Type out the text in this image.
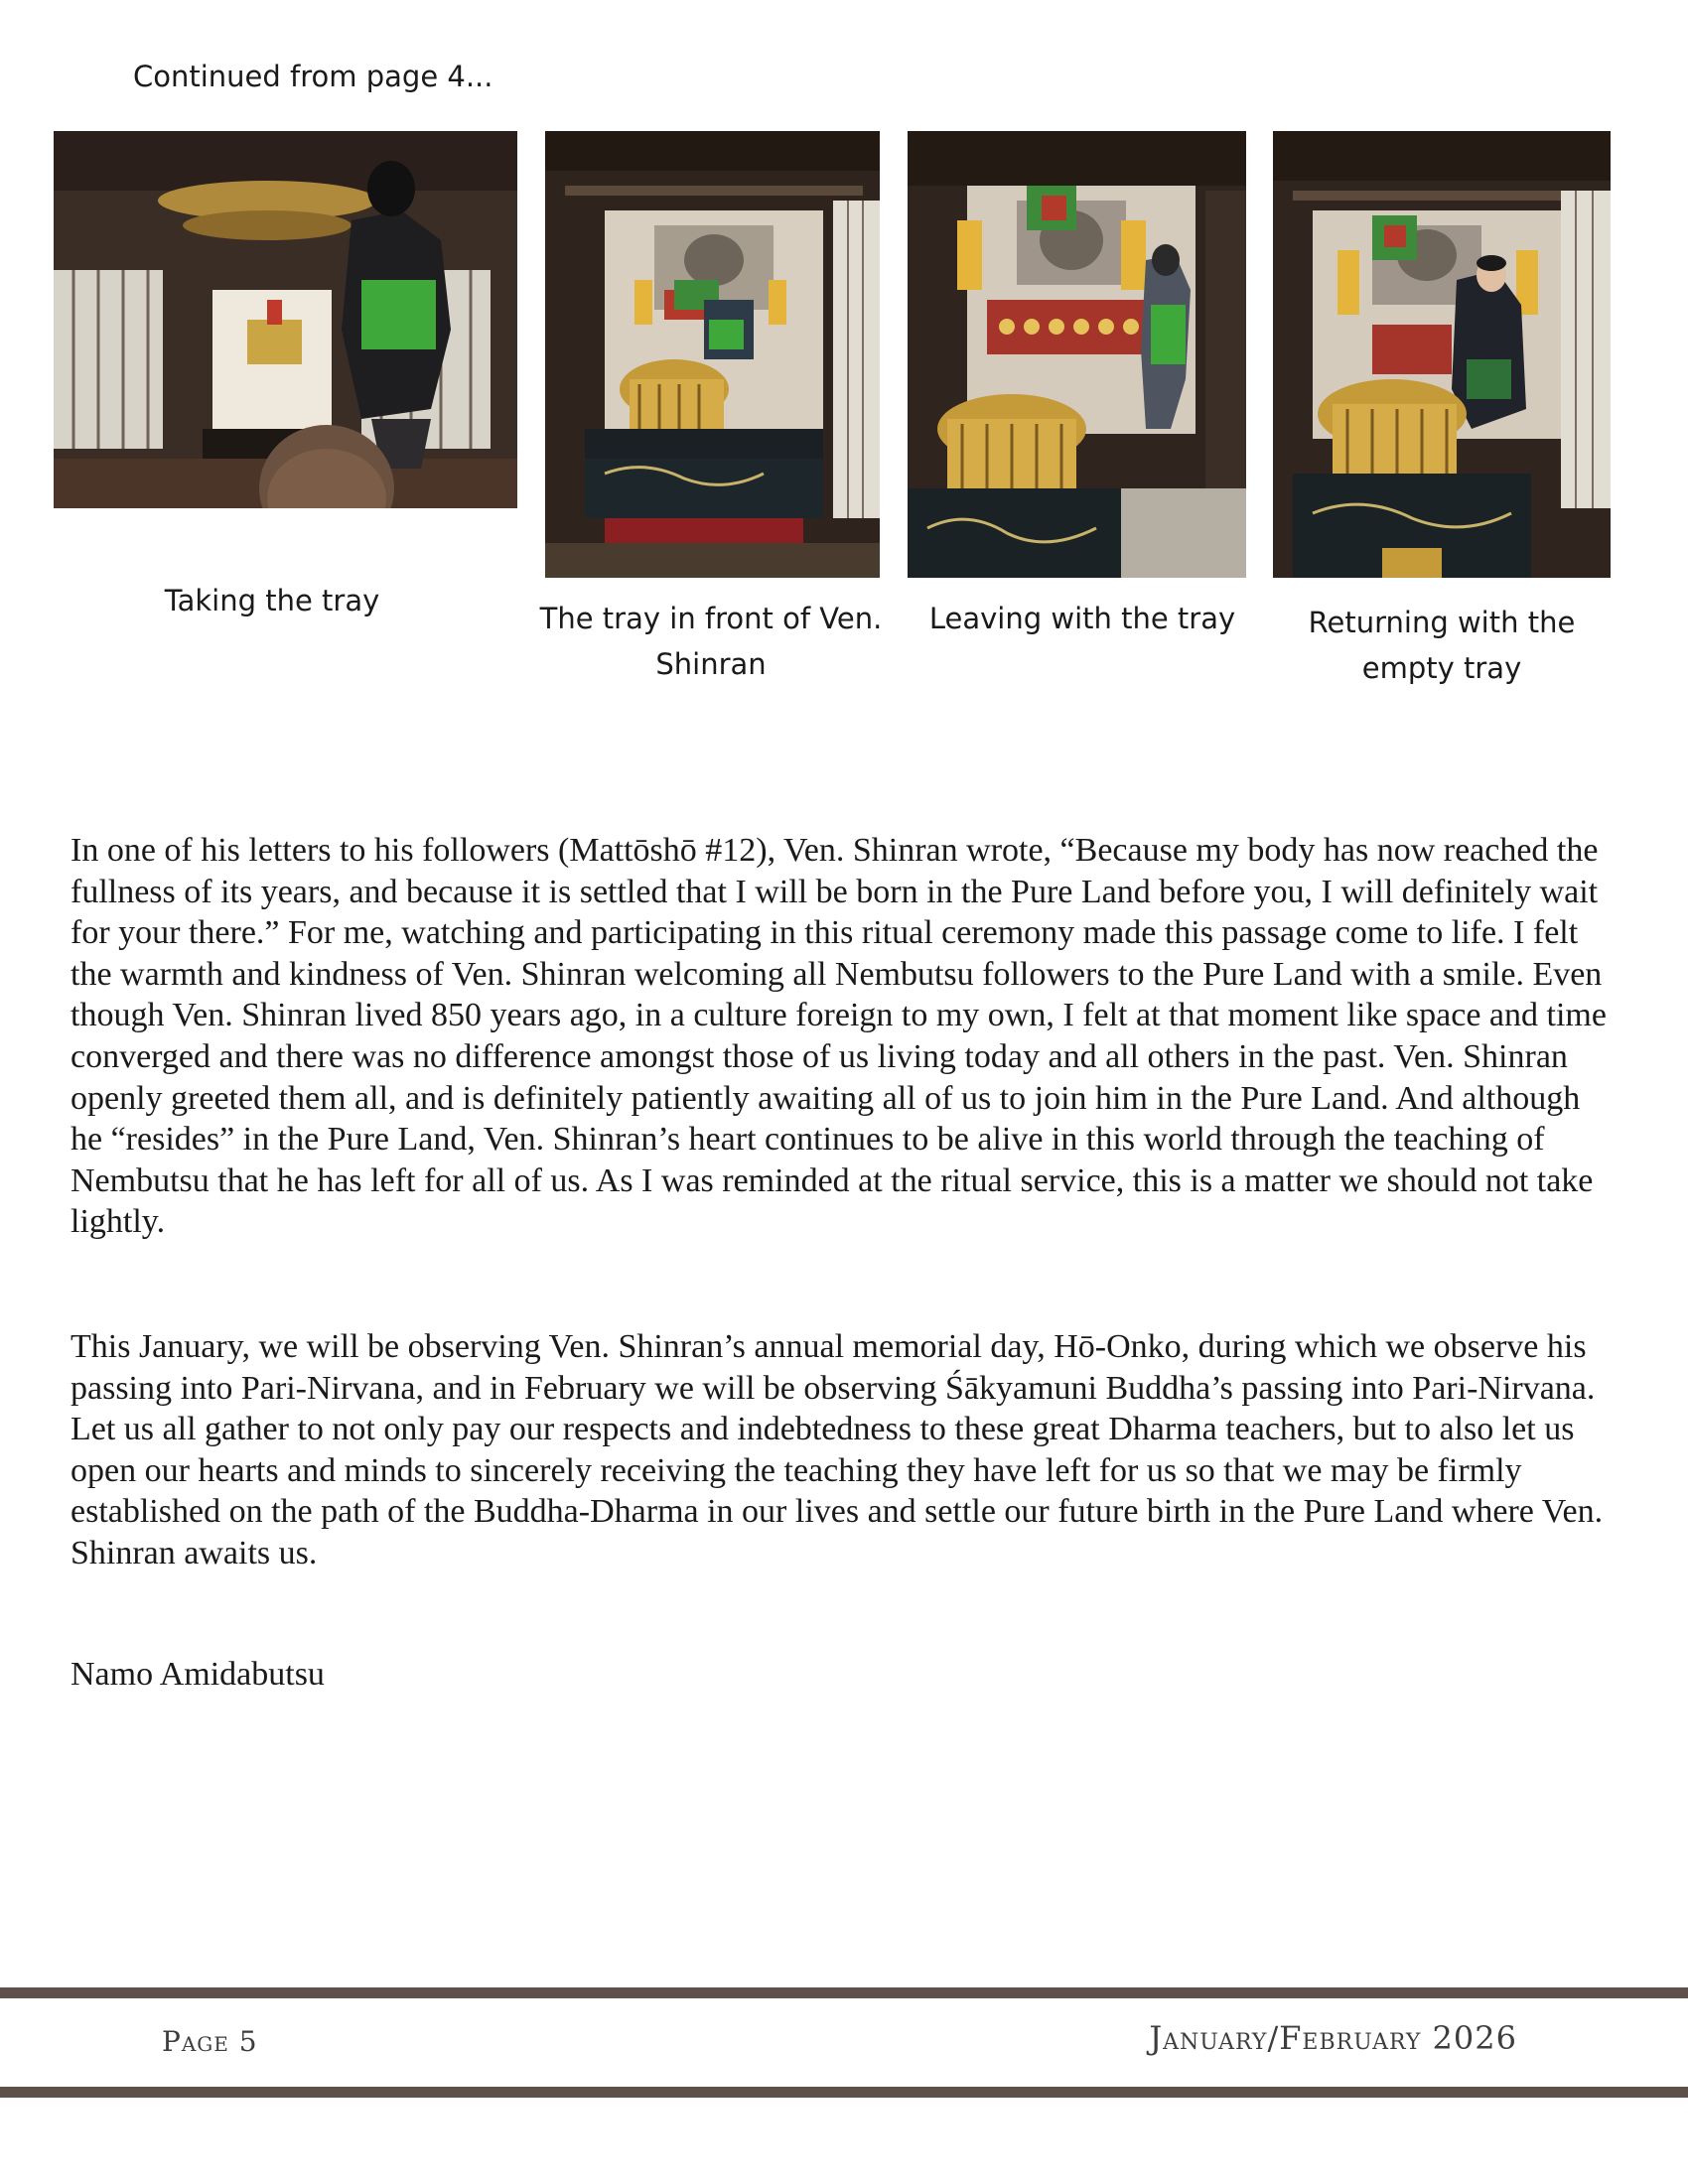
Continued from page 4...
Taking the tray
The tray in front of Ven.
Shinran
Leaving with the tray	Returning with the
empty tray

In one of his letters to his followers (Mattōshō #12), Ven. Shinran wrote, “Because my body has now reached the fullness of its years, and because it is settled that I will be born in the Pure Land before you, I will definitely wait for your there.” For me, watching and participating in this ritual ceremony made this passage come to life. I felt the warmth and kindness of Ven. Shinran welcoming all Nembutsu followers to the Pure Land with a smile. Even though Ven. Shinran lived 850 years ago, in a culture foreign to my own, I felt at that moment like space and time converged and there was no difference amongst those of us living today and all others in the past. Ven. Shinran openly greeted them all, and is definitely patiently awaiting all of us to join him in the Pure Land. And although he “resides” in the Pure Land, Ven. Shinran’s heart continues to be alive in this world through the teaching of Nembutsu that he has left for all of us. As I was reminded at the ritual service, this is a matter we should not take lightly.

This January, we will be observing Ven. Shinran’s annual memorial day, Hō-Onko, during which we observe his passing into Pari-Nirvana, and in February we will be observing Śākyamuni Buddha’s passing into Pari-Nirvana. Let us all gather to not only pay our respects and indebtedness to these great Dharma teachers, but to also let us open our hearts and minds to sincerely receiving the teaching they have left for us so that we may be firmly established on the path of the Buddha-Dharma in our lives and settle our future birth in the Pure Land where Ven. Shinran awaits us.

Namo Amidabutsu

Page 5	January/February 2026
